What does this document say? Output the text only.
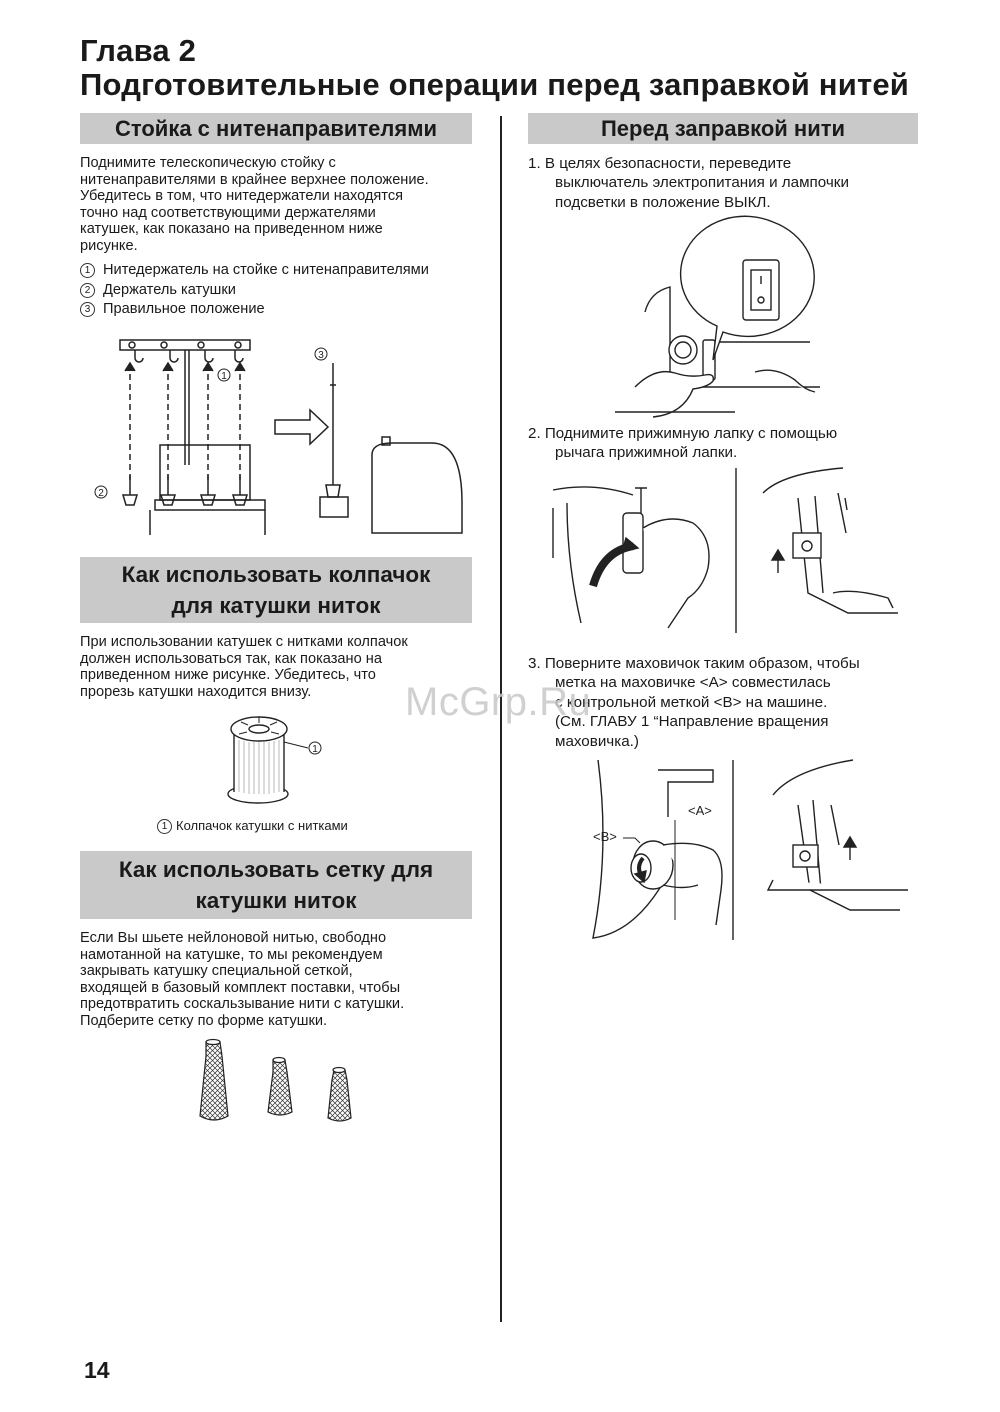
Глава 2
Подготовительные операции перед заправкой нитей
Стойка с нитенаправителями
Поднимите телескопическую стойку с
нитенаправителями в крайнее верхнее положение.
Убедитесь в том, что нитедержатели находятся
точно над соответствующими держателями
катушек, как показано на приведенном ниже
рисунке.
1 Нитедержатель на стойке с нитенаправителями
2 Держатель катушки
3 Правильное положение
1
2
3
Как использовать колпачок
для катушки ниток
При использовании катушек с нитками колпачок
должен использоваться так, как показано на
приведенном ниже рисунке. Убедитесь, что
прорезь катушки находится внизу.
1
1 Колпачок катушки с нитками
Как использовать сетку для
катушки ниток
Если Вы шьете нейлоновой нитью, свободно
намотанной на катушке, то мы рекомендуем
закрывать катушку специальной сеткой,
входящей в базовый комплект поставки, чтобы
предотвратить соскальзывание нити с катушки.
Подберите сетку по форме катушки.
Перед заправкой нити
1. В целях безопасности, переведите
выключатель электропитания и лампочки
подсветки в положение ВЫКЛ.
2. Поднимите прижимную лапку с помощью
рычага прижимной лапки.
3. Поверните маховичок таким образом, чтобы
метка на маховичке <A> совместилась
с контрольной меткой <B> на машине.
(См. ГЛАВУ 1 “Направление вращения
маховичка.)
<A>
<B>
McGrp.Ru
14
